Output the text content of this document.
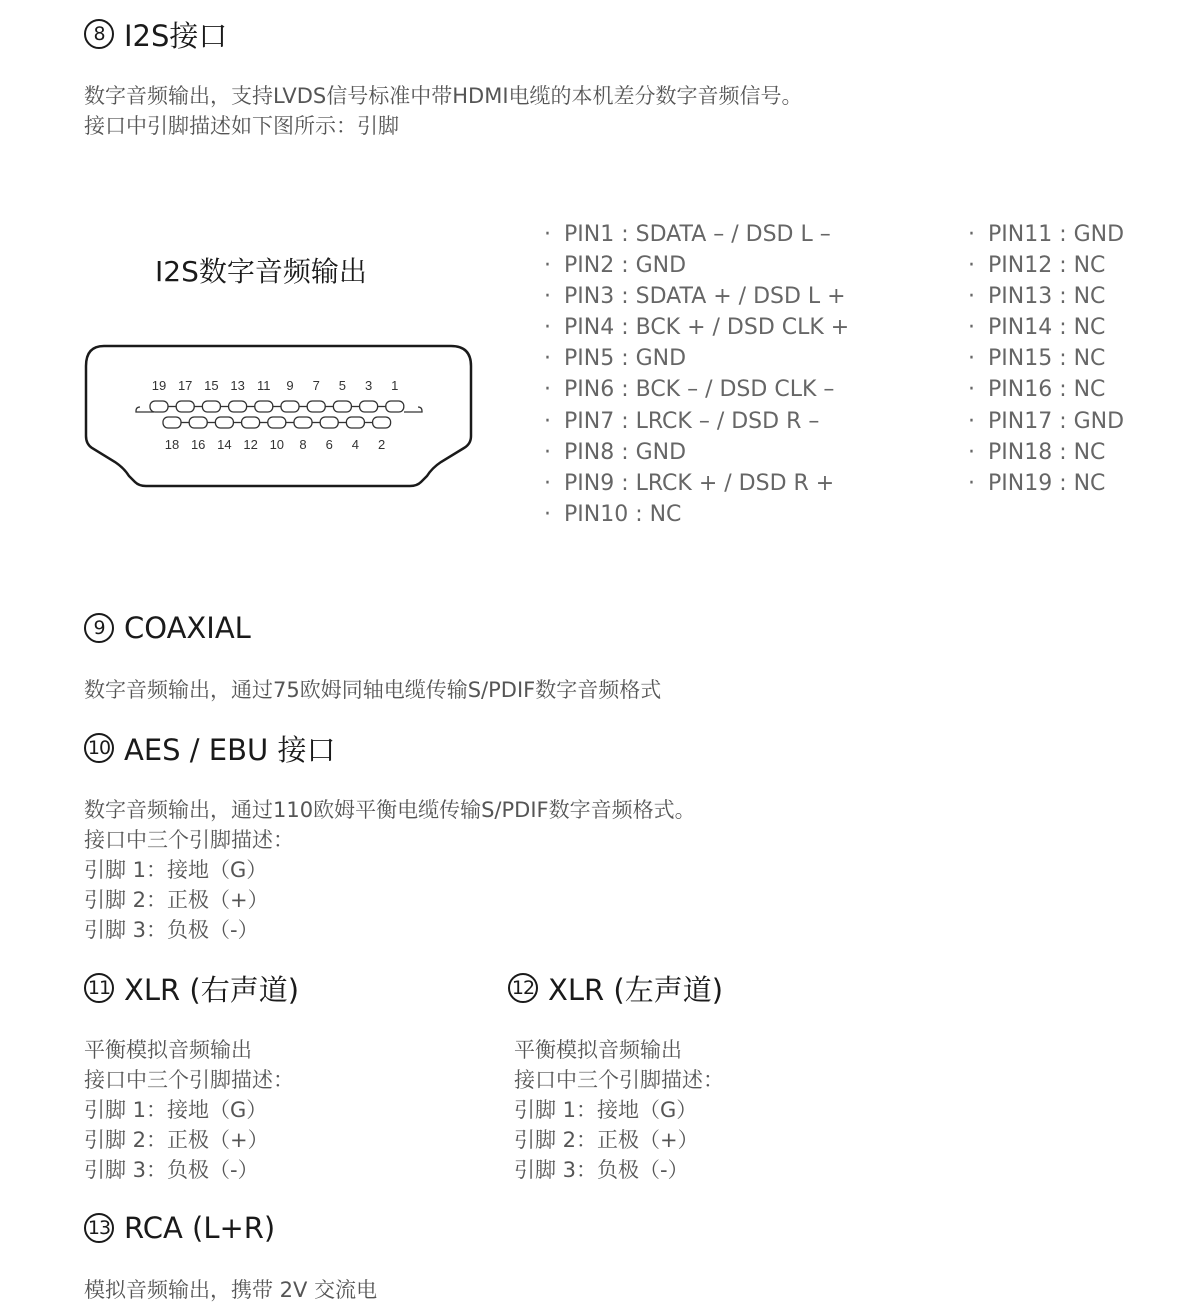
8 I2S接口
数字音频输出，支持LVDS信号标准中带HDMI电缆的本机差分数字音频信号。
接口中引脚描述如下图所示：引脚
I2S数字音频输出
19 17 15 13 11 9 7 5 3 1
18 16 14 12 10 8 6 4 2
· PIN1 : SDATA – / DSD L –
· PIN2 : GND
· PIN3 : SDATA + / DSD L +
· PIN4 : BCK + / DSD CLK +
· PIN5 : GND
· PIN6 : BCK – / DSD CLK –
· PIN7 : LRCK – / DSD R –
· PIN8 : GND
· PIN9 : LRCK + / DSD R +
· PIN10 : NC
· PIN11 : GND
· PIN12 : NC
· PIN13 : NC
· PIN14 : NC
· PIN15 : NC
· PIN16 : NC
· PIN17 : GND
· PIN18 : NC
· PIN19 : NC
9 COAXIAL
数字音频输出，通过75欧姆同轴电缆传输S/PDIF数字音频格式
10 AES / EBU 接口
数字音频输出，通过110欧姆平衡电缆传输S/PDIF数字音频格式。
接口中三个引脚描述：
引脚 1：接地（G）
引脚 2：正极（+）
引脚 3：负极（-）
11 XLR (右声道)
平衡模拟音频输出
接口中三个引脚描述：
引脚 1：接地（G）
引脚 2：正极（+）
引脚 3：负极（-）
12 XLR (左声道)
平衡模拟音频输出
接口中三个引脚描述：
引脚 1：接地（G）
引脚 2：正极（+）
引脚 3：负极（-）
13 RCA (L+R)
模拟音频输出，携带 2V 交流电
